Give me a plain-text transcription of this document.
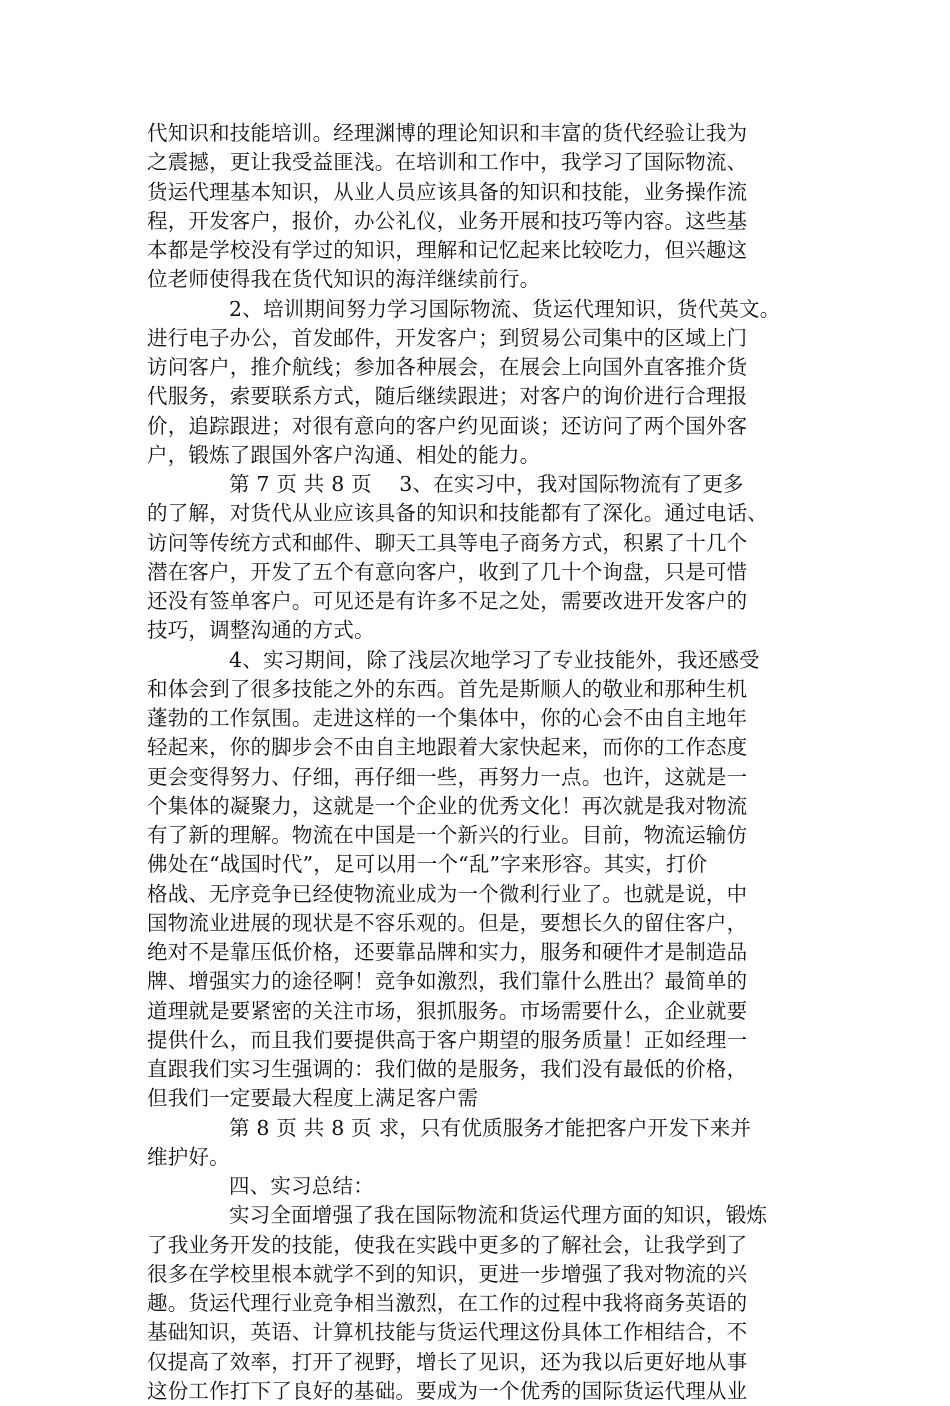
代知识和技能培训。经理渊博的理论知识和丰富的货代经验让我为
之震撼，更让我受益匪浅。在培训和工作中，我学习了国际物流、
货运代理基本知识，从业人员应该具备的知识和技能，业务操作流
程，开发客户，报价，办公礼仪，业务开展和技巧等内容。这些基
本都是学校没有学过的知识，理解和记忆起来比较吃力，但兴趣这
位老师使得我在货代知识的海洋继续前行。
2、培训期间努力学习国际物流、货运代理知识，货代英文。
进行电子办公，首发邮件，开发客户；到贸易公司集中的区域上门
访问客户，推介航线；参加各种展会，在展会上向国外直客推介货
代服务，索要联系方式，随后继续跟进；对客户的询价进行合理报
价，追踪跟进；对很有意向的客户约见面谈；还访问了两个国外客
户，锻炼了跟国外客户沟通、相处的能力。
第 7 页 共 8 页　 3、在实习中，我对国际物流有了更多
的了解，对货代从业应该具备的知识和技能都有了深化。通过电话、
访问等传统方式和邮件、聊天工具等电子商务方式，积累了十几个
潜在客户，开发了五个有意向客户，收到了几十个询盘，只是可惜
还没有签单客户。可见还是有许多不足之处，需要改进开发客户的
技巧，调整沟通的方式。
4、实习期间，除了浅层次地学习了专业技能外，我还感受
和体会到了很多技能之外的东西。首先是斯顺人的敬业和那种生机
蓬勃的工作氛围。走进这样的一个集体中，你的心会不由自主地年
轻起来，你的脚步会不由自主地跟着大家快起来，而你的工作态度
更会变得努力、仔细，再仔细一些，再努力一点。也许，这就是一
个集体的凝聚力，这就是一个企业的优秀文化！再次就是我对物流
有了新的理解。物流在中国是一个新兴的行业。目前，物流运输仿
佛处在“战国时代”，足可以用一个“乱”字来形容。其实，打价
格战、无序竞争已经使物流业成为一个微利行业了。也就是说，中
国物流业进展的现状是不容乐观的。但是，要想长久的留住客户，
绝对不是靠压低价格，还要靠品牌和实力，服务和硬件才是制造品
牌、增强实力的途径啊！竞争如激烈，我们靠什么胜出？最简单的
道理就是要紧密的关注市场，狠抓服务。市场需要什么，企业就要
提供什么，而且我们要提供高于客户期望的服务质量！正如经理一
直跟我们实习生强调的：我们做的是服务，我们没有最低的价格，
但我们一定要最大程度上满足客户需
第 8 页 共 8 页 求，只有优质服务才能把客户开发下来并
维护好。
四、实习总结：
实习全面增强了我在国际物流和货运代理方面的知识，锻炼
了我业务开发的技能，使我在实践中更多的了解社会，让我学到了
很多在学校里根本就学不到的知识，更进一步增强了我对物流的兴
趣。货运代理行业竞争相当激烈，在工作的过程中我将商务英语的
基础知识，英语、计算机技能与货运代理这份具体工作相结合，不
仅提高了效率，打开了视野，增长了见识，还为我以后更好地从事
这份工作打下了良好的基础。要成为一个优秀的国际货运代理从业
